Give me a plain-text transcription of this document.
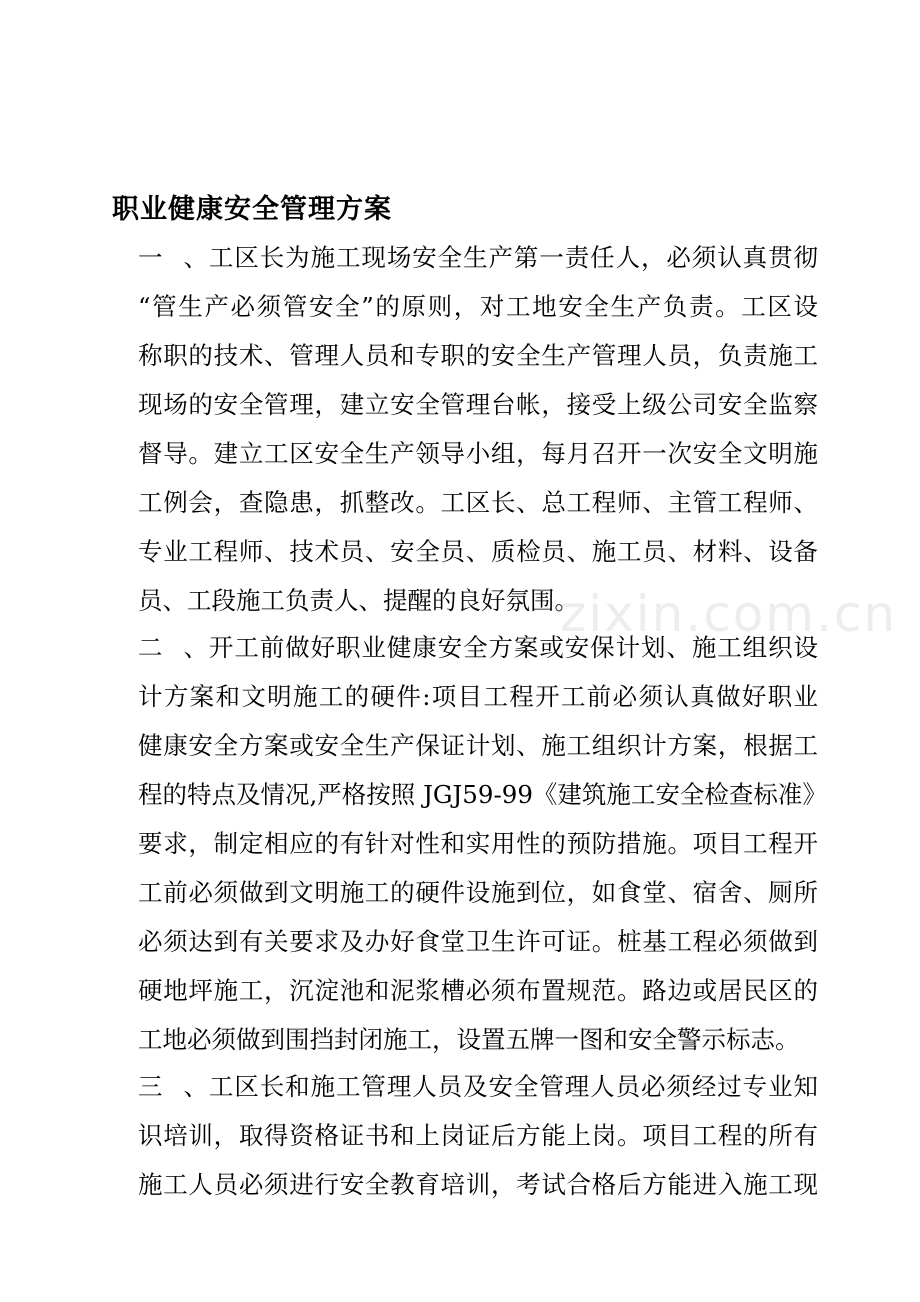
zixin.com.cn
职业健康安全管理方案
一、工区长为施工现场安全生产第一责任人，必须认真贯彻
“管生产必须管安全”的原则，对工地安全生产负责。工区设
称职的技术、管理人员和专职的安全生产管理人员，负责施工
现场的安全管理，建立安全管理台帐，接受上级公司安全监察
督导。建立工区安全生产领导小组，每月召开一次安全文明施
工例会，查隐患，抓整改。工区长、总工程师、主管工程师、
专业工程师、技术员、安全员、质检员、施工员、材料、设备
员、工段施工负责人、提醒的良好氛围。
二、开工前做好职业健康安全方案或安保计划、施工组织设
计方案和文明施工的硬件:项目工程开工前必须认真做好职业
健康安全方案或安全生产保证计划、施工组织计方案，根据工
程的特点及情况,严格按照 JGJ59-99《建筑施工安全检查标准》
要求，制定相应的有针对性和实用性的预防措施。项目工程开
工前必须做到文明施工的硬件设施到位，如食堂、宿舍、厕所
必须达到有关要求及办好食堂卫生许可证。桩基工程必须做到
硬地坪施工，沉淀池和泥浆槽必须布置规范。路边或居民区的
工地必须做到围挡封闭施工，设置五牌一图和安全警示标志。
三、工区长和施工管理人员及安全管理人员必须经过专业知
识培训，取得资格证书和上岗证后方能上岗。项目工程的所有
施工人员必须进行安全教育培训，考试合格后方能进入施工现
